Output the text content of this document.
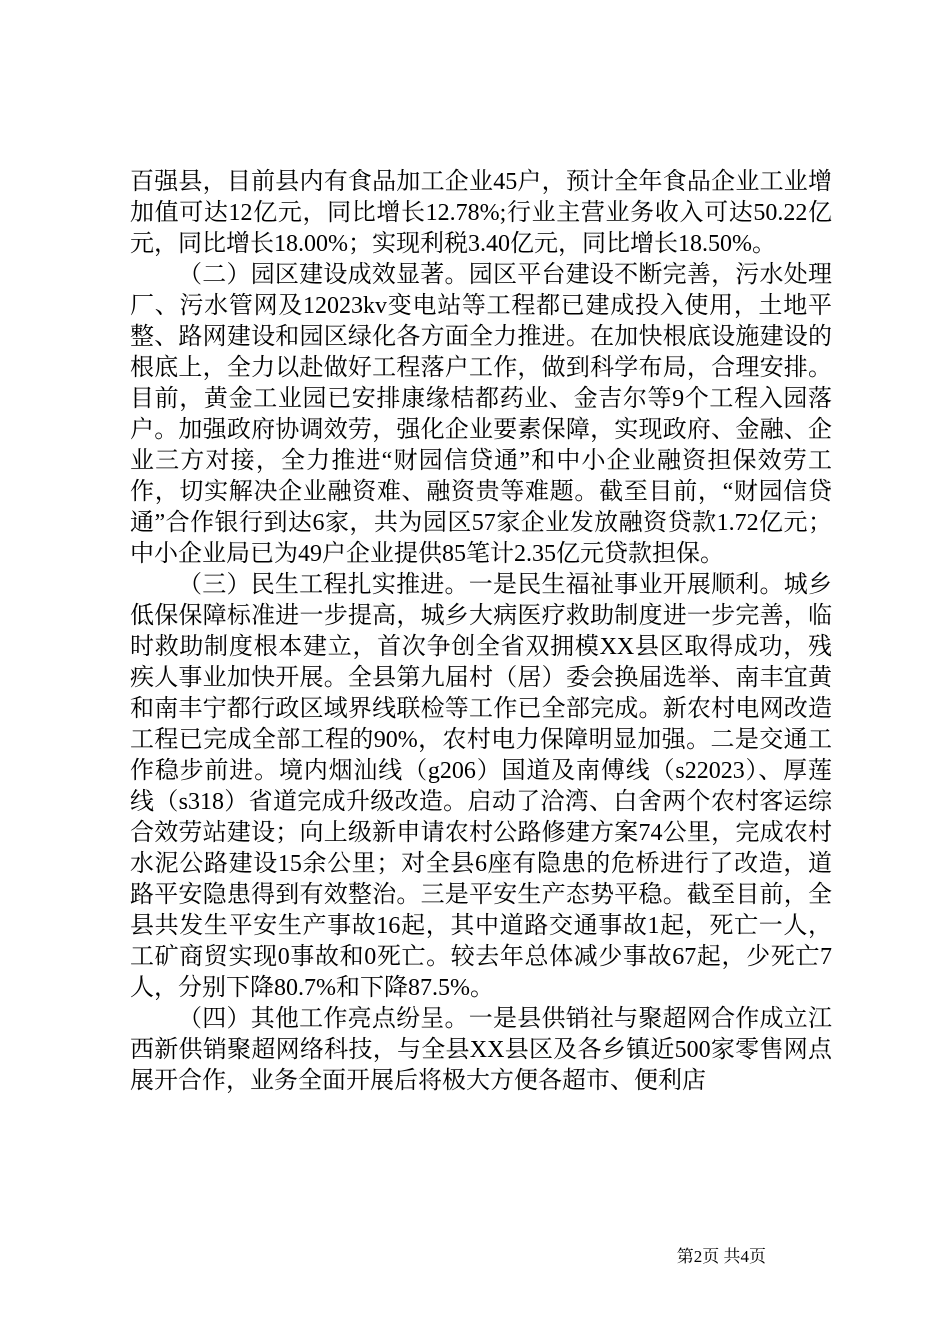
百强县，目前县内有食品加工企业45户，预计全年食品企业工业增加值可达12亿元，同比增长12.78%;行业主营业务收入可达50.22亿元，同比增长18.00%；实现利税3.40亿元，同比增长18.50%。

（二）园区建设成效显著。园区平台建设不断完善，污水处理厂、污水管网及12023kv变电站等工程都已建成投入使用，土地平整、路网建设和园区绿化各方面全力推进。在加快根底设施建设的根底上，全力以赴做好工程落户工作，做到科学布局，合理安排。目前，黄金工业园已安排康缘桔都药业、金吉尔等9个工程入园落户。加强政府协调效劳，强化企业要素保障，实现政府、金融、企业三方对接，全力推进“财园信贷通”和中小企业融资担保效劳工作，切实解决企业融资难、融资贵等难题。截至目前，“财园信贷通”合作银行到达6家，共为园区57家企业发放融资贷款1.72亿元；中小企业局已为49户企业提供85笔计2.35亿元贷款担保。

（三）民生工程扎实推进。一是民生福祉事业开展顺利。城乡低保保障标准进一步提高，城乡大病医疗救助制度进一步完善，临时救助制度根本建立，首次争创全省双拥模XX县区取得成功，残疾人事业加快开展。全县第九届村（居）委会换届选举、南丰宜黄和南丰宁都行政区域界线联检等工作已全部完成。新农村电网改造工程已完成全部工程的90%，农村电力保障明显加强。二是交通工作稳步前进。境内烟汕线（g206）国道及南傅线（s22023）、厚莲线（s318）省道完成升级改造。启动了洽湾、白舍两个农村客运综合效劳站建设；向上级新申请农村公路修建方案74公里，完成农村水泥公路建设15余公里；对全县6座有隐患的危桥进行了改造，道路平安隐患得到有效整治。三是平安生产态势平稳。截至目前，全县共发生平安生产事故16起，其中道路交通事故1起，死亡一人，工矿商贸实现0事故和0死亡。较去年总体减少事故67起，少死亡7人，分别下降80.7%和下降87.5%。

（四）其他工作亮点纷呈。一是县供销社与聚超网合作成立江西新供销聚超网络科技，与全县XX县区及各乡镇近500家零售网点展开合作，业务全面开展后将极大方便各超市、便利店

第2页 共4页
